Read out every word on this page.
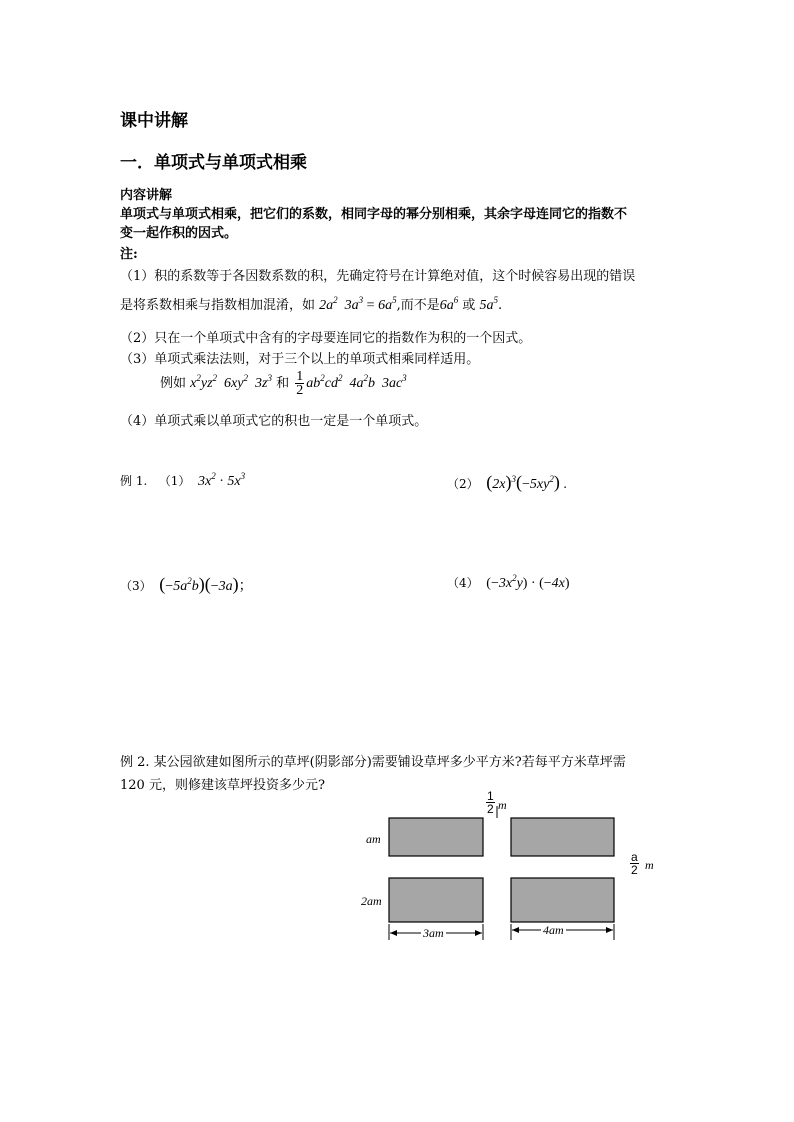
课中讲解
一．单项式与单项式相乘
内容讲解
单项式与单项式相乘，把它们的系数，相同字母的幂分别相乘，其余字母连同它的指数不
变一起作积的因式。
注:
（1）积的系数等于各因数系数的积，先确定符号在计算绝对值，这个时候容易出现的错误
是将系数相乘与指数相加混淆，如 $2a^2$  $3a^3 = 6a^5$,而不是$6a^6$ 或 $5a^5$.
（2）只在一个单项式中含有的字母要连同它的指数作为积的一个因式。
（3）单项式乘法法则，对于三个以上的单项式相乘同样适用。
例如 $x^2yz^2$  $6xy^2$  $3z^3$ 和 $\frac{1}{2} ab^2cd^2$  $4a^2b$  $3ac^3$
（4）单项式乘以单项式它的积也一定是一个单项式。
例 1. （1） $3x^2 \cdot 5x^3$
（2） $(2x)^3(-5xy^2)$ .
（3） $(-5a^2b)(-3a)$；	（4） $(-3x^2y) \cdot (-4x)$
例 2. 某公园欲建如图所示的草坪(阴影部分)需要铺设草坪多少平方米?若每平方米草坪需
120 元，则修建该草坪投资多少元?
am
2am
3am	4am
$\frac{1}{2}$ m
$\frac{a}{2}$ m
